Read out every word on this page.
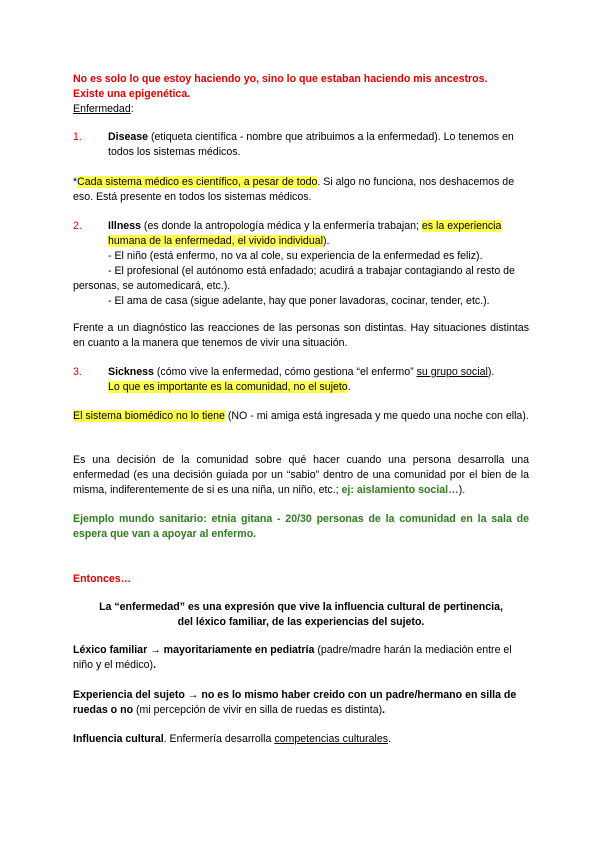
No es solo lo que estoy haciendo yo, sino lo que estaban haciendo mis ancestros.
Existe una epigenética.
Enfermedad:
1. Disease (etiqueta científica - nombre que atribuimos a la enfermedad). Lo tenemos en todos los sistemas médicos.
*Cada sistema médico es científico, a pesar de todo. Si algo no funciona, nos deshacemos de eso. Está presente en todos los sistemas médicos.
2. Illness (es donde la antropología médica y la enfermería trabajan; es la experiencia humana de la enfermedad, el vivido individual).
- El niño (está enfermo, no va al cole, su experiencia de la enfermedad es feliz).
- El profesional (el autónomo está enfadado; acudirá a trabajar contagiando al resto de personas, se automedicará, etc.).
- El ama de casa (sigue adelante, hay que poner lavadoras, cocinar, tender, etc.).
Frente a un diagnóstico las reacciones de las personas son distintas. Hay situaciones distintas en cuanto a la manera que tenemos de vivir una situación.
3. Sickness (cómo vive la enfermedad, cómo gestiona “el enfermo” su grupo social).
Lo que es importante es la comunidad, no el sujeto.
El sistema biomédico no lo tiene (NO - mi amiga está ingresada y me quedo una noche con ella).
Es una decisión de la comunidad sobre qué hacer cuando una persona desarrolla una enfermedad (es una decisión guiada por un “sabio” dentro de una comunidad por el bien de la misma, indiferentemente de si es una niña, un niño, etc.; ej: aislamiento social…).
Ejemplo mundo sanitario: etnia gitana - 20/30 personas de la comunidad en la sala de espera que van a apoyar al enfermo.
Entonces…
La “enfermedad” es una expresión que vive la influencia cultural de pertinencia,
del léxico familiar, de las experiencias del sujeto.
Léxico familiar → mayoritariamente en pediatría (padre/madre harán la mediación entre el niño y el médico).
Experiencia del sujeto → no es lo mismo haber creido con un padre/hermano en silla de ruedas o no (mi percepción de vivir en silla de ruedas es distinta).
Influencia cultural. Enfermería desarrolla competencias culturales.
